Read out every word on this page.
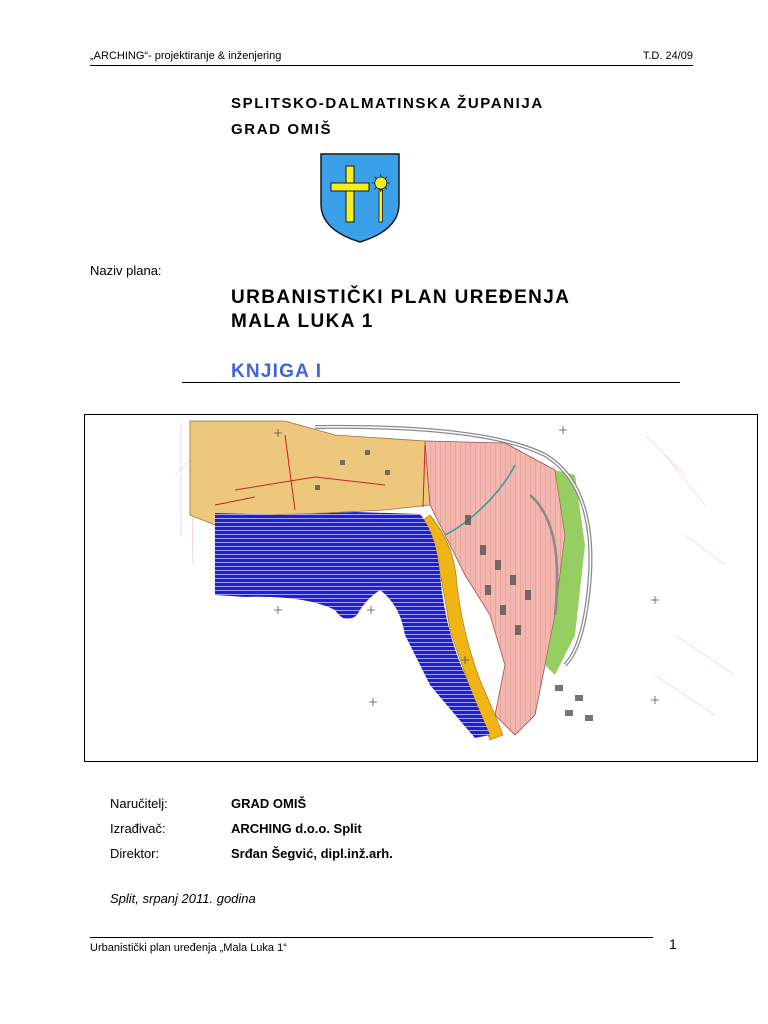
„ARCHING“- projektiranje & inženjering	T.D. 24/09
SPLITSKO-DALMATINSKA ŽUPANIJA
GRAD OMIŠ
Naziv plana:
URBANISTIČKI PLAN UREĐENJA
MALA LUKA 1
KNJIGA I
Naručitelj:	GRAD OMIŠ
Izrađivač:	ARCHING d.o.o. Split
Direktor:	Srđan Šegvić, dipl.inž.arh.
Split, srpanj 2011. godina
Urbanistički plan uređenja „Mala Luka 1“	1
